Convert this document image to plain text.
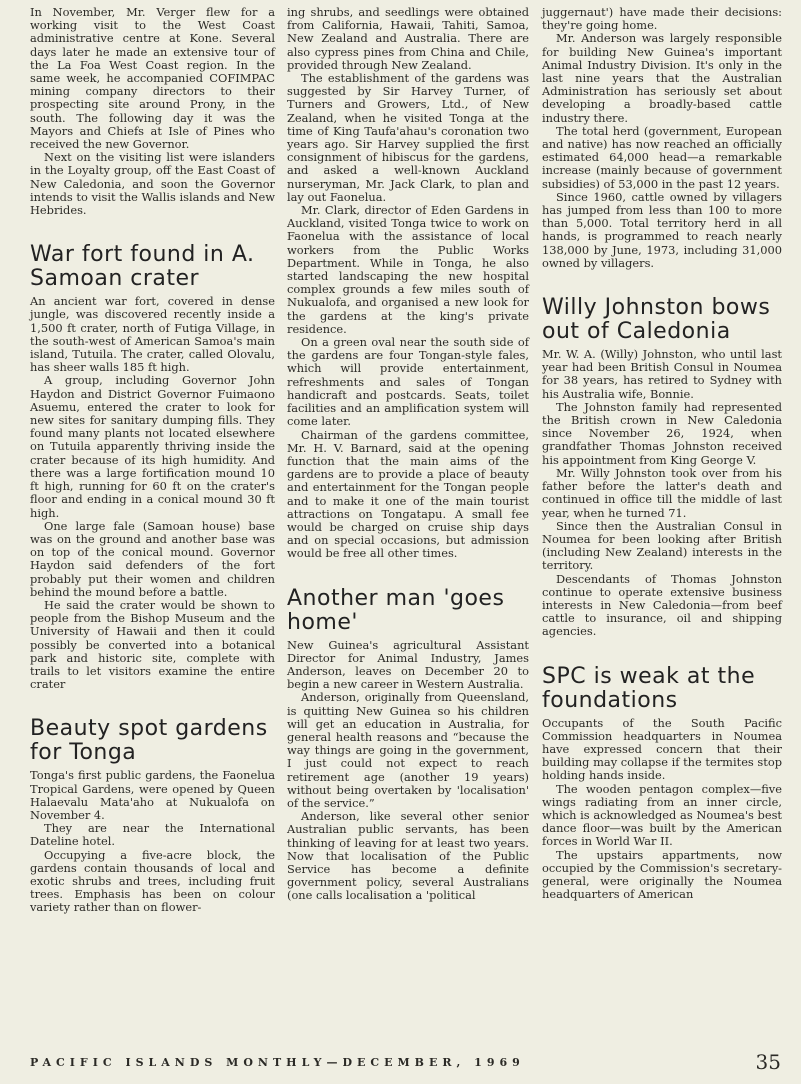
In November, Mr. Verger flew for a working visit to the West Coast administrative centre at Kone. Several days later he made an extensive tour of the La Foa West Coast region. In the same week, he accompanied COFIMPAC mining company directors to their prospecting site around Prony, in the south. The following day it was the Mayors and Chiefs at Isle of Pines who received the new Governor.

Next on the visiting list were islanders in the Loyalty group, off the East Coast of New Caledonia, and soon the Governor intends to visit the Wallis islands and New Hebrides.

War fort found in A. Samoan crater

An ancient war fort, covered in dense jungle, was discovered recently inside a 1,500 ft crater, north of Futiga Village, in the south-west of American Samoa's main island, Tutuila. The crater, called Olovalu, has sheer walls 185 ft high.

A group, including Governor John Haydon and District Governor Fuimaono Asuemu, entered the crater to look for new sites for sanitary dumping fills. They found many plants not located elsewhere on Tutuila apparently thriving inside the crater because of its high humidity. And there was a large fortification mound 10 ft high, running for 60 ft on the crater's floor and ending in a conical mound 30 ft high.

One large fale (Samoan house) base was on the ground and another base was on top of the conical mound. Governor Haydon said defenders of the fort probably put their women and children behind the mound before a battle.

He said the crater would be shown to people from the Bishop Museum and the University of Hawaii and then it could possibly be converted into a botanical park and historic site, complete with trails to let visitors examine the entire crater

Beauty spot gardens for Tonga

Tonga's first public gardens, the Faonelua Tropical Gardens, were opened by Queen Halaevalu Mata'aho at Nukualofa on November 4.

They are near the International Dateline hotel.

Occupying a five-acre block, the gardens contain thousands of local and exotic shrubs and trees, including fruit trees. Emphasis has been on colour variety rather than on flower-

ing shrubs, and seedlings were obtained from California, Hawaii, Tahiti, Samoa, New Zealand and Australia. There are also cypress pines from China and Chile, provided through New Zealand.

The establishment of the gardens was suggested by Sir Harvey Turner, of Turners and Growers, Ltd., of New Zealand, when he visited Tonga at the time of King Taufa'ahau's coronation two years ago. Sir Harvey supplied the first consignment of hibiscus for the gardens, and asked a well-known Auckland nurseryman, Mr. Jack Clark, to plan and lay out Faonelua.

Mr. Clark, director of Eden Gardens in Auckland, visited Tonga twice to work on Faonelua with the assistance of local workers from the Public Works Department. While in Tonga, he also started landscaping the new hospital complex grounds a few miles south of Nukualofa, and organised a new look for the gardens at the king's private residence.

On a green oval near the south side of the gardens are four Tongan-style fales, which will provide entertainment, refreshments and sales of Tongan handicraft and postcards. Seats, toilet facilities and an amplification system will come later.

Chairman of the gardens committee, Mr. H. V. Barnard, said at the opening function that the main aims of the gardens are to provide a place of beauty and entertainment for the Tongan people and to make it one of the main tourist attractions on Tongatapu. A small fee would be charged on cruise ship days and on special occasions, but admission would be free all other times.

Another man 'goes home'

New Guinea's agricultural Assistant Director for Animal Industry, James Anderson, leaves on December 20 to begin a new career in Western Australia.

Anderson, originally from Queensland, is quitting New Guinea so his children will get an education in Australia, for general health reasons and “because the way things are going in the government, I just could not expect to reach retirement age (another 19 years) without being overtaken by 'localisation' of the service.”

Anderson, like several other senior Australian public servants, has been thinking of leaving for at least two years. Now that localisation of the Public Service has become a definite government policy, several Australians (one calls localisation a 'political

juggernaut') have made their decisions: they're going home.

Mr. Anderson was largely responsible for building New Guinea's important Animal Industry Division. It's only in the last nine years that the Australian Administration has seriously set about developing a broadly-based cattle industry there.

The total herd (government, European and native) has now reached an officially estimated 64,000 head—a remarkable increase (mainly because of government subsidies) of 53,000 in the past 12 years.

Since 1960, cattle owned by villagers has jumped from less than 100 to more than 5,000. Total territory herd in all hands, is programmed to reach nearly 138,000 by June, 1973, including 31,000 owned by villagers.

Willy Johnston bows out of Caledonia

Mr. W. A. (Willy) Johnston, who until last year had been British Consul in Noumea for 38 years, has retired to Sydney with his Australia wife, Bonnie.

The Johnston family had represented the British crown in New Caledonia since November 26, 1924, when grandfather Thomas Johnston received his appointment from King George V.

Mr. Willy Johnston took over from his father before the latter's death and continued in office till the middle of last year, when he turned 71.

Since then the Australian Consul in Noumea for been looking after British (including New Zealand) interests in the territory.

Descendants of Thomas Johnston continue to operate extensive business interests in New Caledonia—from beef cattle to insurance, oil and shipping agencies.

SPC is weak at the foundations

Occupants of the South Pacific Commission headquarters in Noumea have expressed concern that their building may collapse if the termites stop holding hands inside.

The wooden pentagon complex—five wings radiating from an inner circle, which is acknowledged as Noumea's best dance floor—was built by the American forces in World War II.

The upstairs appartments, now occupied by the Commission's secretary-general, were originally the Noumea headquarters of American

PACIFIC ISLANDS MONTHLY—DECEMBER, 1969	35
